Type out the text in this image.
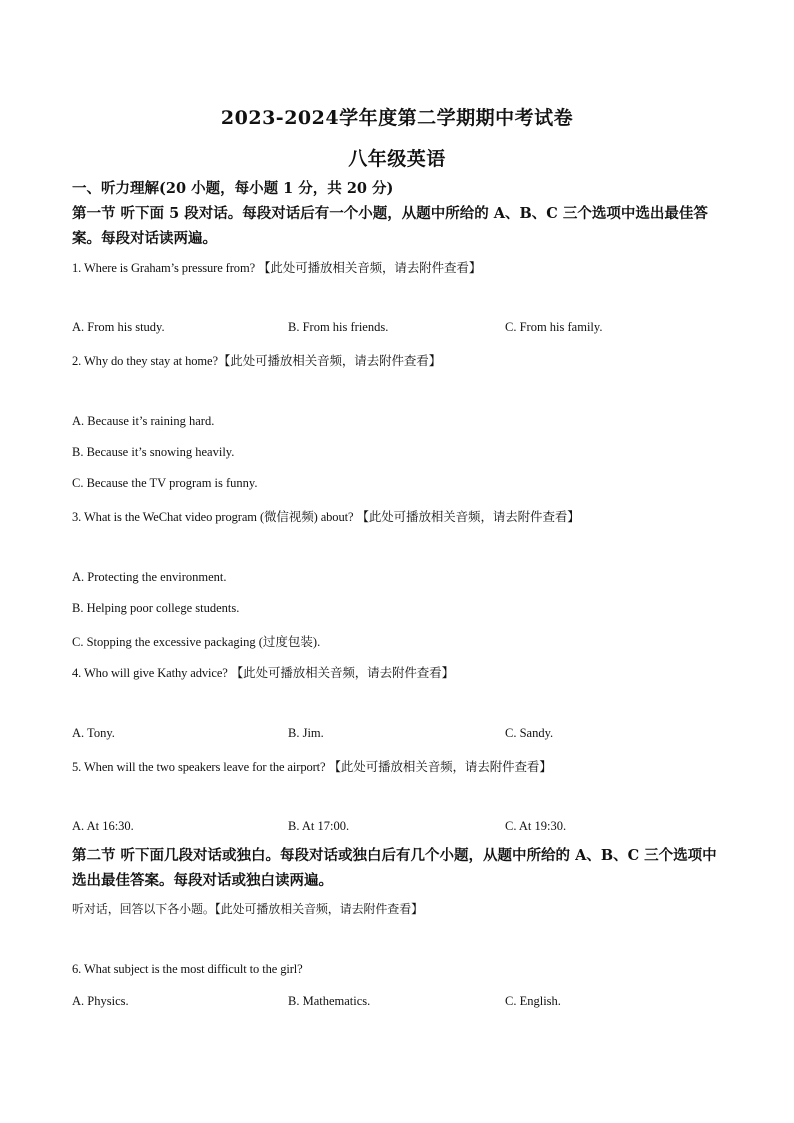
2023-2024学年度第二学期期中考试卷
八年级英语
一、听力理解(20 小题，每小题 1 分，共 20 分)
第一节 听下面 5 段对话。每段对话后有一个小题，从题中所给的 A、B、C 三个选项中选出最佳答案。每段对话读两遍。
1. Where is Graham’s pressure from? 【此处可播放相关音频，请去附件查看】
A. From his study.	B. From his friends.	C. From his family.
2. Why do they stay at home?【此处可播放相关音频，请去附件查看】
A. Because it’s raining hard.
B. Because it’s snowing heavily.
C. Because the TV program is funny.
3. What is the WeChat video program (微信视频) about? 【此处可播放相关音频，请去附件查看】
A. Protecting the environment.
B. Helping poor college students.
C. Stopping the excessive packaging (过度包装).
4. Who will give Kathy advice? 【此处可播放相关音频，请去附件查看】
A. Tony.	B. Jim.	C. Sandy.
5. When will the two speakers leave for the airport? 【此处可播放相关音频，请去附件查看】
A. At 16:30.	B. At 17:00.	C. At 19:30.
第二节 听下面几段对话或独白。每段对话或独白后有几个小题，从题中所给的 A、B、C 三个选项中选出最佳答案。每段对话或独白读两遍。
听对话，回答以下各小题。【此处可播放相关音频，请去附件查看】
6. What subject is the most difficult to the girl?
A. Physics.	B. Mathematics.	C. English.
